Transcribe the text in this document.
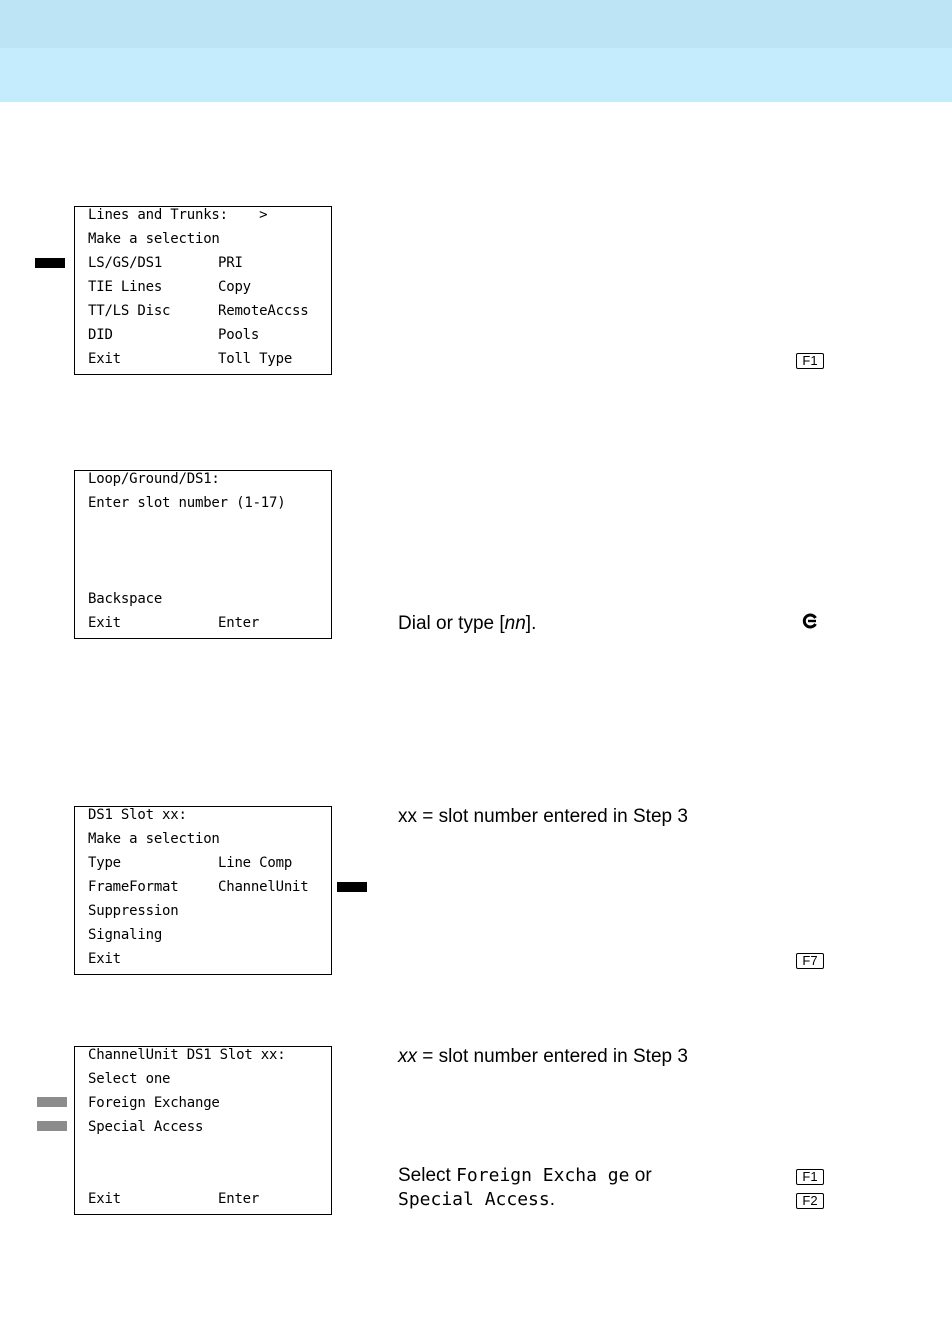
Lines and Trunks:
>
Make a selection
LS/GS/DS1	PRI
TIE Lines	Copy
TT/LS Disc	RemoteAccss
DID	Pools
Exit	Toll Type	F1
Loop/Ground/DS1:
Enter slot number (1-17)
Backspace
Exit	Enter	Dial or type [nn].
DS1 Slot xx:
Make a selection
Type	Line Comp
FrameFormat	ChannelUnit
Suppression
Signaling
Exit
xx = slot number entered in Step 3
F7
ChannelUnit DS1 Slot xx:
Select one
Foreign Exchange
Special Access
Exit	Enter
xx = slot number entered in Step 3
Select Foreign Excha ge or
Special Access.
F1
F2
